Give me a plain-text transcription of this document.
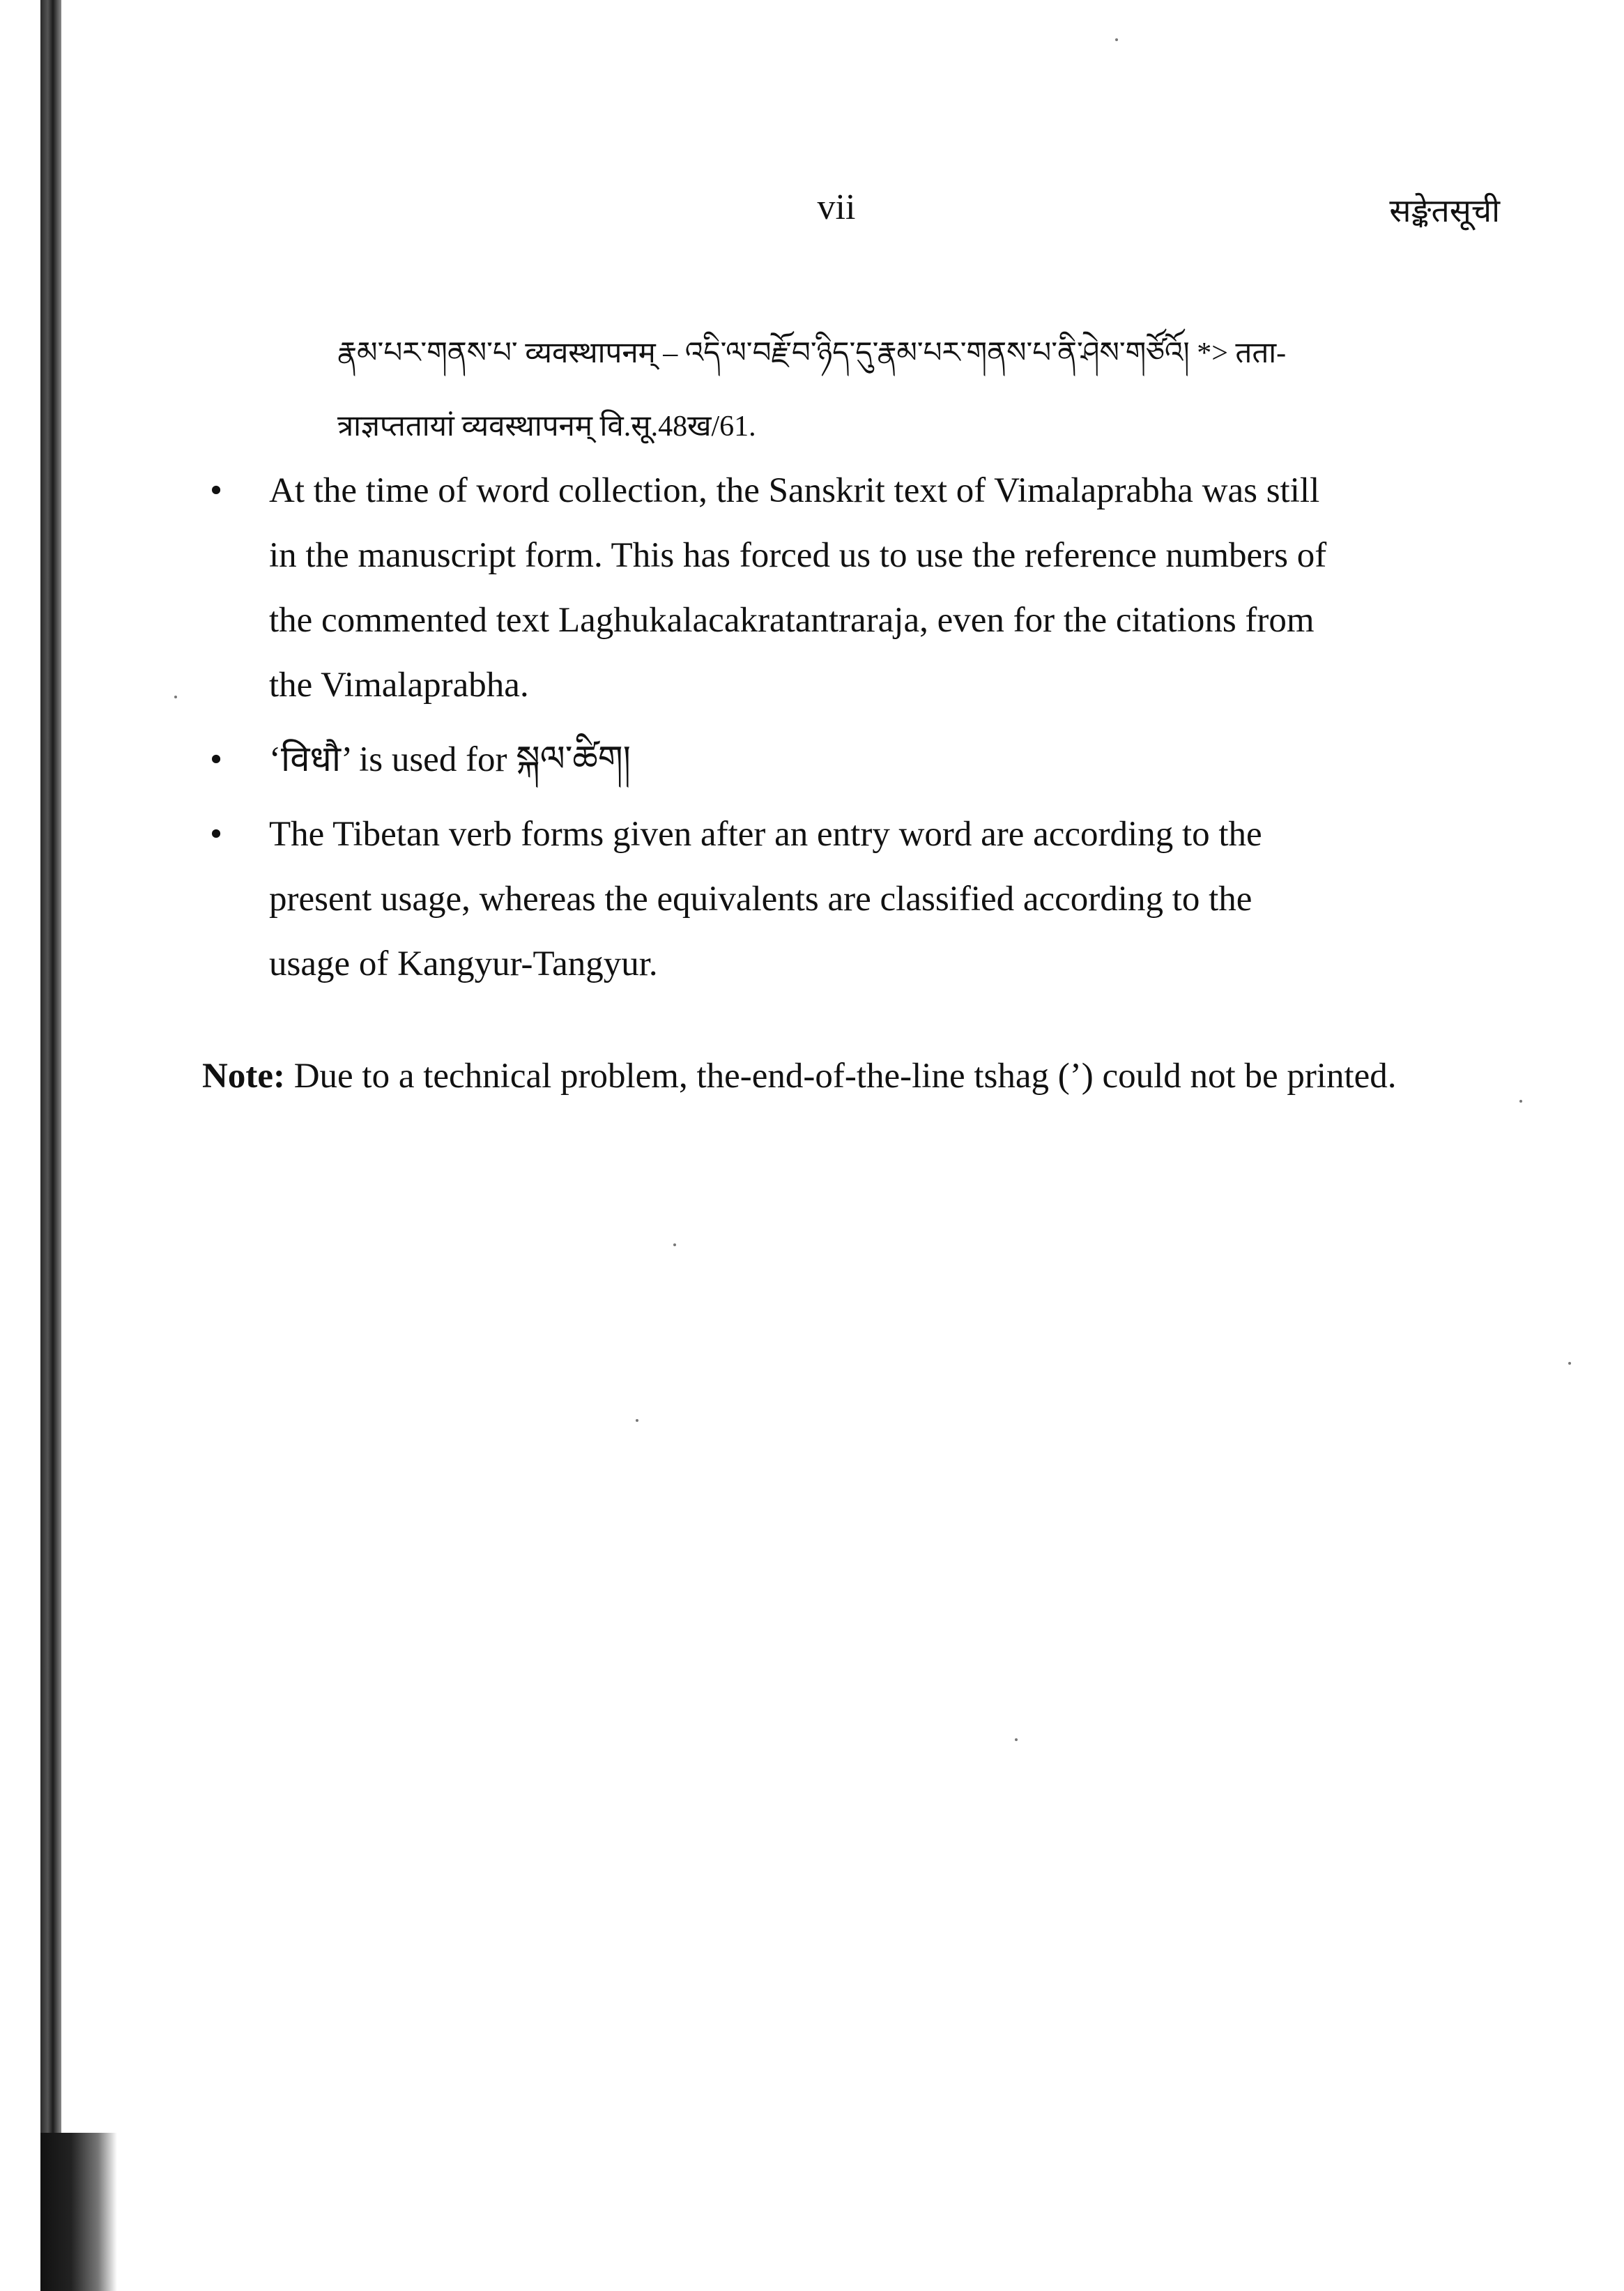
vii	सङ्केतसूची
རྣམ་པར་གནས་པ་ व्यवस्थापनम् – འདི་ལ་བརྗོ་བ་ཉིད་དུ་རྣམ་པར་གནས་པ་ནི་ཤེས་གཙོའོ། *> तता-
त्राज्ञप्ततायां व्यवस्थापनम् वि.सू.48ख/61.
• At the time of word collection, the Sanskrit text of Vimalaprabha was still
in the manuscript form. This has forced us to use the reference numbers of
the commented text Laghukalacakratantraraja, even for the citations from
the Vimalaprabha.
• ‘विधौ’ is used for སྐལ་ཚིག།
• The Tibetan verb forms given after an entry word are according to the
present usage, whereas the equivalents are classified according to the
usage of Kangyur-Tangyur.
Note: Due to a technical problem, the-end-of-the-line tshag (’) could not be printed.
